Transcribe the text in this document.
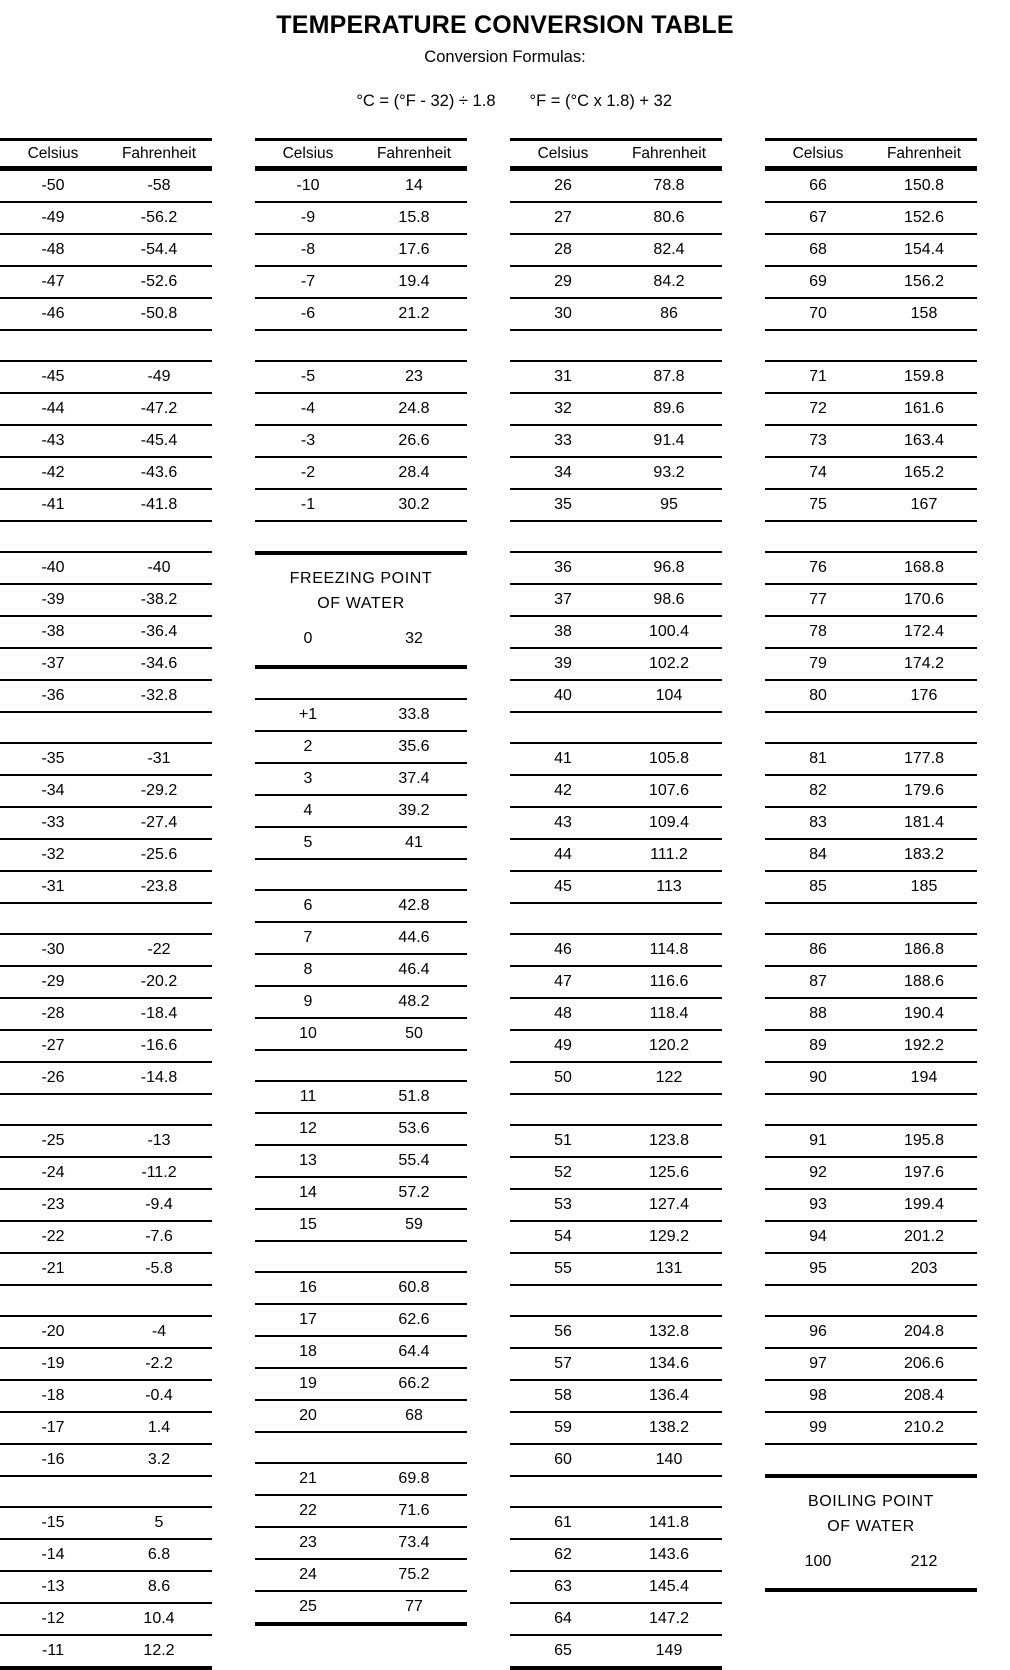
TEMPERATURE CONVERSION TABLE
Conversion Formulas:

°C = (°F - 32) ÷ 1.8 °F = (°C x 1.8) + 32

Celsius	Fahrenheit
-50	-58
-49	-56.2
-48	-54.4
-47	-52.6
-46	-50.8
-45	-49
-44	-47.2
-43	-45.4
-42	-43.6
-41	-41.8
-40	-40
-39	-38.2
-38	-36.4
-37	-34.6
-36	-32.8
-35	-31
-34	-29.2
-33	-27.4
-32	-25.6
-31	-23.8
-30	-22
-29	-20.2
-28	-18.4
-27	-16.6
-26	-14.8
-25	-13
-24	-11.2
-23	-9.4
-22	-7.6
-21	-5.8
-20	-4
-19	-2.2
-18	-0.4
-17	1.4
-16	3.2
-15	5
-14	6.8
-13	8.6
-12	10.4
-11	12.2
Celsius	Fahrenheit
-10	14
-9	15.8
-8	17.6
-7	19.4
-6	21.2
-5	23
-4	24.8
-3	26.6
-2	28.4
-1	30.2
FREEZING POINT
OF WATER
0	32
+1	33.8
2	35.6
3	37.4
4	39.2
5	41
6	42.8
7	44.6
8	46.4
9	48.2
10	50
11	51.8
12	53.6
13	55.4
14	57.2
15	59
16	60.8
17	62.6
18	64.4
19	66.2
20	68
21	69.8
22	71.6
23	73.4
24	75.2
25	77
Celsius	Fahrenheit
26	78.8
27	80.6
28	82.4
29	84.2
30	86
31	87.8
32	89.6
33	91.4
34	93.2
35	95
36	96.8
37	98.6
38	100.4
39	102.2
40	104
41	105.8
42	107.6
43	109.4
44	111.2
45	113
46	114.8
47	116.6
48	118.4
49	120.2
50	122
51	123.8
52	125.6
53	127.4
54	129.2
55	131
56	132.8
57	134.6
58	136.4
59	138.2
60	140
61	141.8
62	143.6
63	145.4
64	147.2
65	149
Celsius	Fahrenheit
66	150.8
67	152.6
68	154.4
69	156.2
70	158
71	159.8
72	161.6
73	163.4
74	165.2
75	167
76	168.8
77	170.6
78	172.4
79	174.2
80	176
81	177.8
82	179.6
83	181.4
84	183.2
85	185
86	186.8
87	188.6
88	190.4
89	192.2
90	194
91	195.8
92	197.6
93	199.4
94	201.2
95	203
96	204.8
97	206.6
98	208.4
99	210.2
BOILING POINT
OF WATER
100	212
